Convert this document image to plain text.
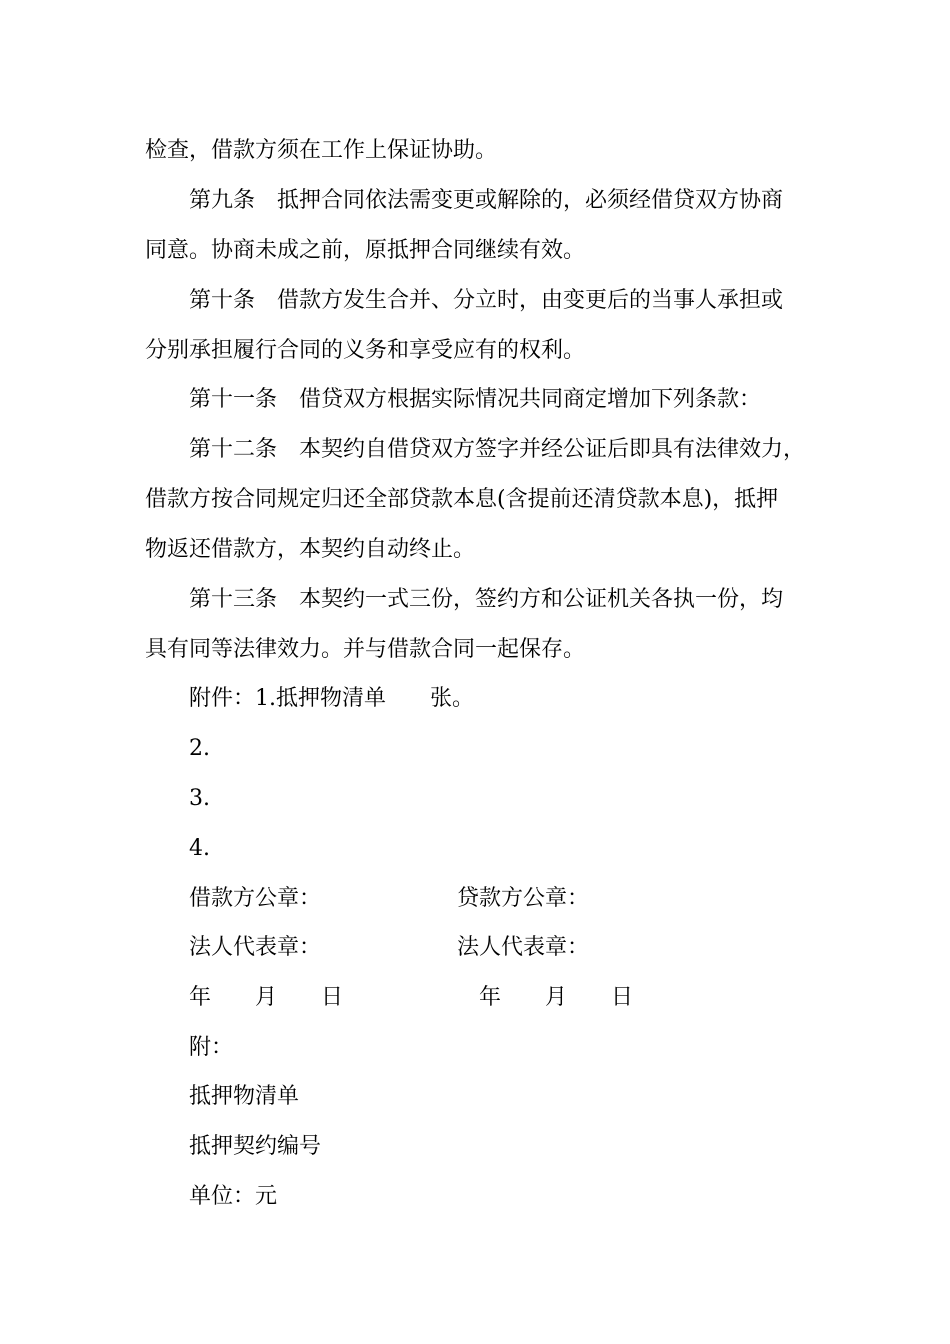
检查，借款方须在工作上保证协助。
第九条　抵押合同依法需变更或解除的，必须经借贷双方协商
同意。协商未成之前，原抵押合同继续有效。
第十条　借款方发生合并、分立时，由变更后的当事人承担或
分别承担履行合同的义务和享受应有的权利。
第十一条　借贷双方根据实际情况共同商定增加下列条款：
第十二条　本契约自借贷双方签字并经公证后即具有法律效力，
借款方按合同规定归还全部贷款本息(含提前还清贷款本息)，抵押
物返还借款方，本契约自动终止。
第十三条　本契约一式三份，签约方和公证机关各执一份，均
具有同等法律效力。并与借款合同一起保存。
附件：1.抵押物清单　　张。
2.
3.
4.
借款方公章：	贷款方公章：
法人代表章：	法人代表章：
年　　月　　日	年　　月　　日
附：
抵押物清单
抵押契约编号
单位：元
